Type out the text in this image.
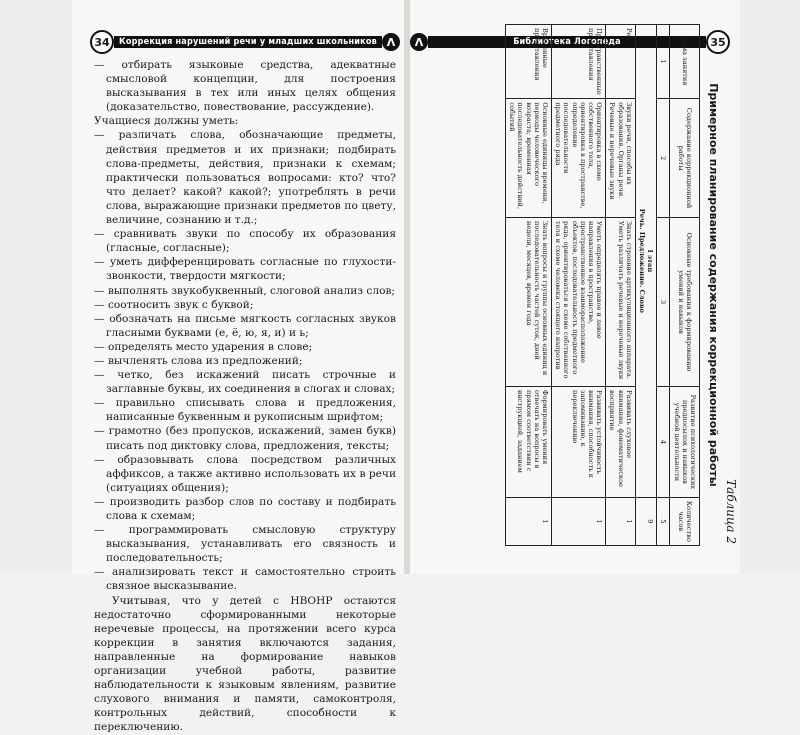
34	Коррекция нарушений речи у младших школьников Λ

— отбирать языковые средства, адекватные смысловой концепции, для построения высказывания в тех или иных целях общения (доказательство, повествование, рассуждение).

Учащиеся должны уметь:

— различать слова, обозначающие предметы, действия предметов и их признаки; подбирать слова-предметы, действия, признаки к схемам; практически пользоваться вопросами: кто? что? что делает? какой? какой?; употреблять в речи слова, выражающие признаки предметов по цвету, величине, сознанию и т.д.;

— сравнивать звуки по способу их образования (гласные, согласные);

— уметь дифференцировать согласные по глухости-звонкости, твердости мягкости;

— выполнять звукобуквенный, слоговой анализ слов;

— соотносить звук с буквой;

— обозначать на письме мягкость согласных звуков гласными буквами (е, ё, ю, я, и) и ь;

— определять место ударения в слове;

— вычленять слова из предложений;

— четко, без искажений писать строчные и заглавные буквы, их соединения в слогах и словах;

— правильно списывать слова и предложения, написанные буквенным и рукописным шрифтом;

— грамотно (без пропусков, искажений, замен букв) писать под диктовку слова, предложения, тексты;

— образовывать слова посредством различных аффиксов, а также активно использовать их в речи (ситуациях общения);

— производить разбор слов по составу и подбирать слова к схемам;

— программировать смысловую структуру высказывания, устанавливать его связность и последовательность;

— анализировать текст и самостоятельно строить связное высказывание.

Учитывая, что у детей с НВОНР остаются недостаточно сформированными некоторые неречевые процессы, на протяжении всего курса коррекции в занятия включаются задания, направленные на формирование навыков организации учебной работы, развитие наблюдательности к языковым явлениям, развитие слухового внимания и памяти, самоконтроля, контрольных действий, способности к переключению.

Λ	Библиотека Логопеда	35
Таблица 2
Примерное планирование содержания коррекционной работы
Тема занятия	Содержание коррекционной работы	Основные требования к формированию умений и навыков	Развитие психологических предпосылок и навыков учебной деятельности	Количество часов
1	2	3	4	5
I этап
Речь. Предложение. Слово				9
Речь	Звуки речи, способы их образования. Органы речи. Речевые и неречевые звуки	Знать строение артикуляционного аппарата. Уметь различать речевые и неречевые звуки	Развивать слуховое внимание, фонематическое восприятие	1
Пространственные представления	Ориентировка в схеме собственного тела, ориентировка в пространстве, определение последовательности предметного ряда	Уметь определять правое и левое направления в пространстве, пространственное взаиморасположение объектов, последовательность предметного ряда, ориентироваться в схеме собственного тела и схеме человека стоящего напротив	Развивать устойчивость внимания, способность к запоминанию, к переключению	1
Временные представления	Основные единицы времени, периоды человеческого возраста; временная последовательность действий, событий	Знать вопросы и группы основных единиц и последовательность частей суток, дней недели, месяцев, времен года	Формировать умения отвечать на вопросы в прямом соответствии с инструкцией, заданием	1
